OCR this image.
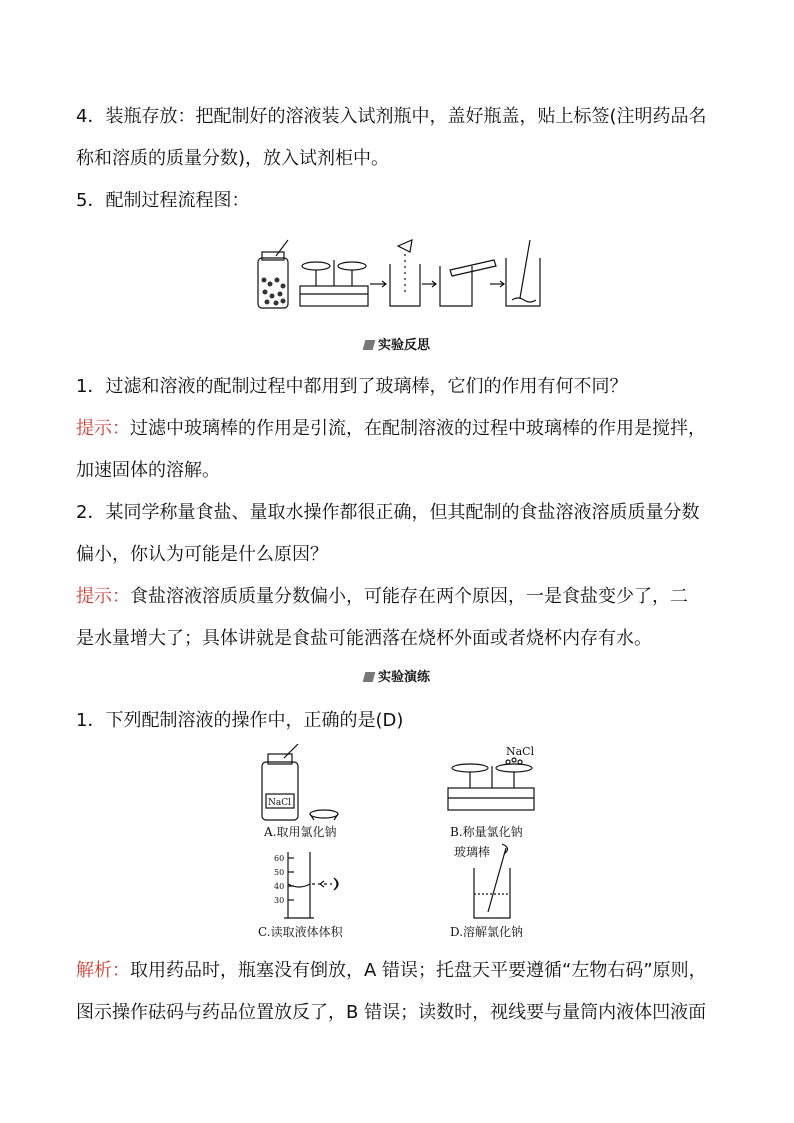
4．装瓶存放：把配制好的溶液装入试剂瓶中，盖好瓶盖，贴上标签(注明药品名
称和溶质的质量分数)，放入试剂柜中。
5．配制过程流程图：
实验反思
1．过滤和溶液的配制过程中都用到了玻璃棒，它们的作用有何不同？
提示：过滤中玻璃棒的作用是引流，在配制溶液的过程中玻璃棒的作用是搅拌，
加速固体的溶解。
2．某同学称量食盐、量取水操作都很正确，但其配制的食盐溶液溶质质量分数
偏小，你认为可能是什么原因？
提示：食盐溶液溶质质量分数偏小，可能存在两个原因，一是食盐变少了，二
是水量增大了；具体讲就是食盐可能洒落在烧杯外面或者烧杯内存有水。
实验演练
1．下列配制溶液的操作中，正确的是(D)
NaCl
NaCl
A.取用氯化钠	B.称量氯化钠
60
50
40
30
玻璃棒
C.读取液体体积	D.溶解氯化钠
解析：取用药品时，瓶塞没有倒放，A 错误；托盘天平要遵循“左物右码”原则，
图示操作砝码与药品位置放反了，B 错误；读数时，视线要与量筒内液体凹液面
